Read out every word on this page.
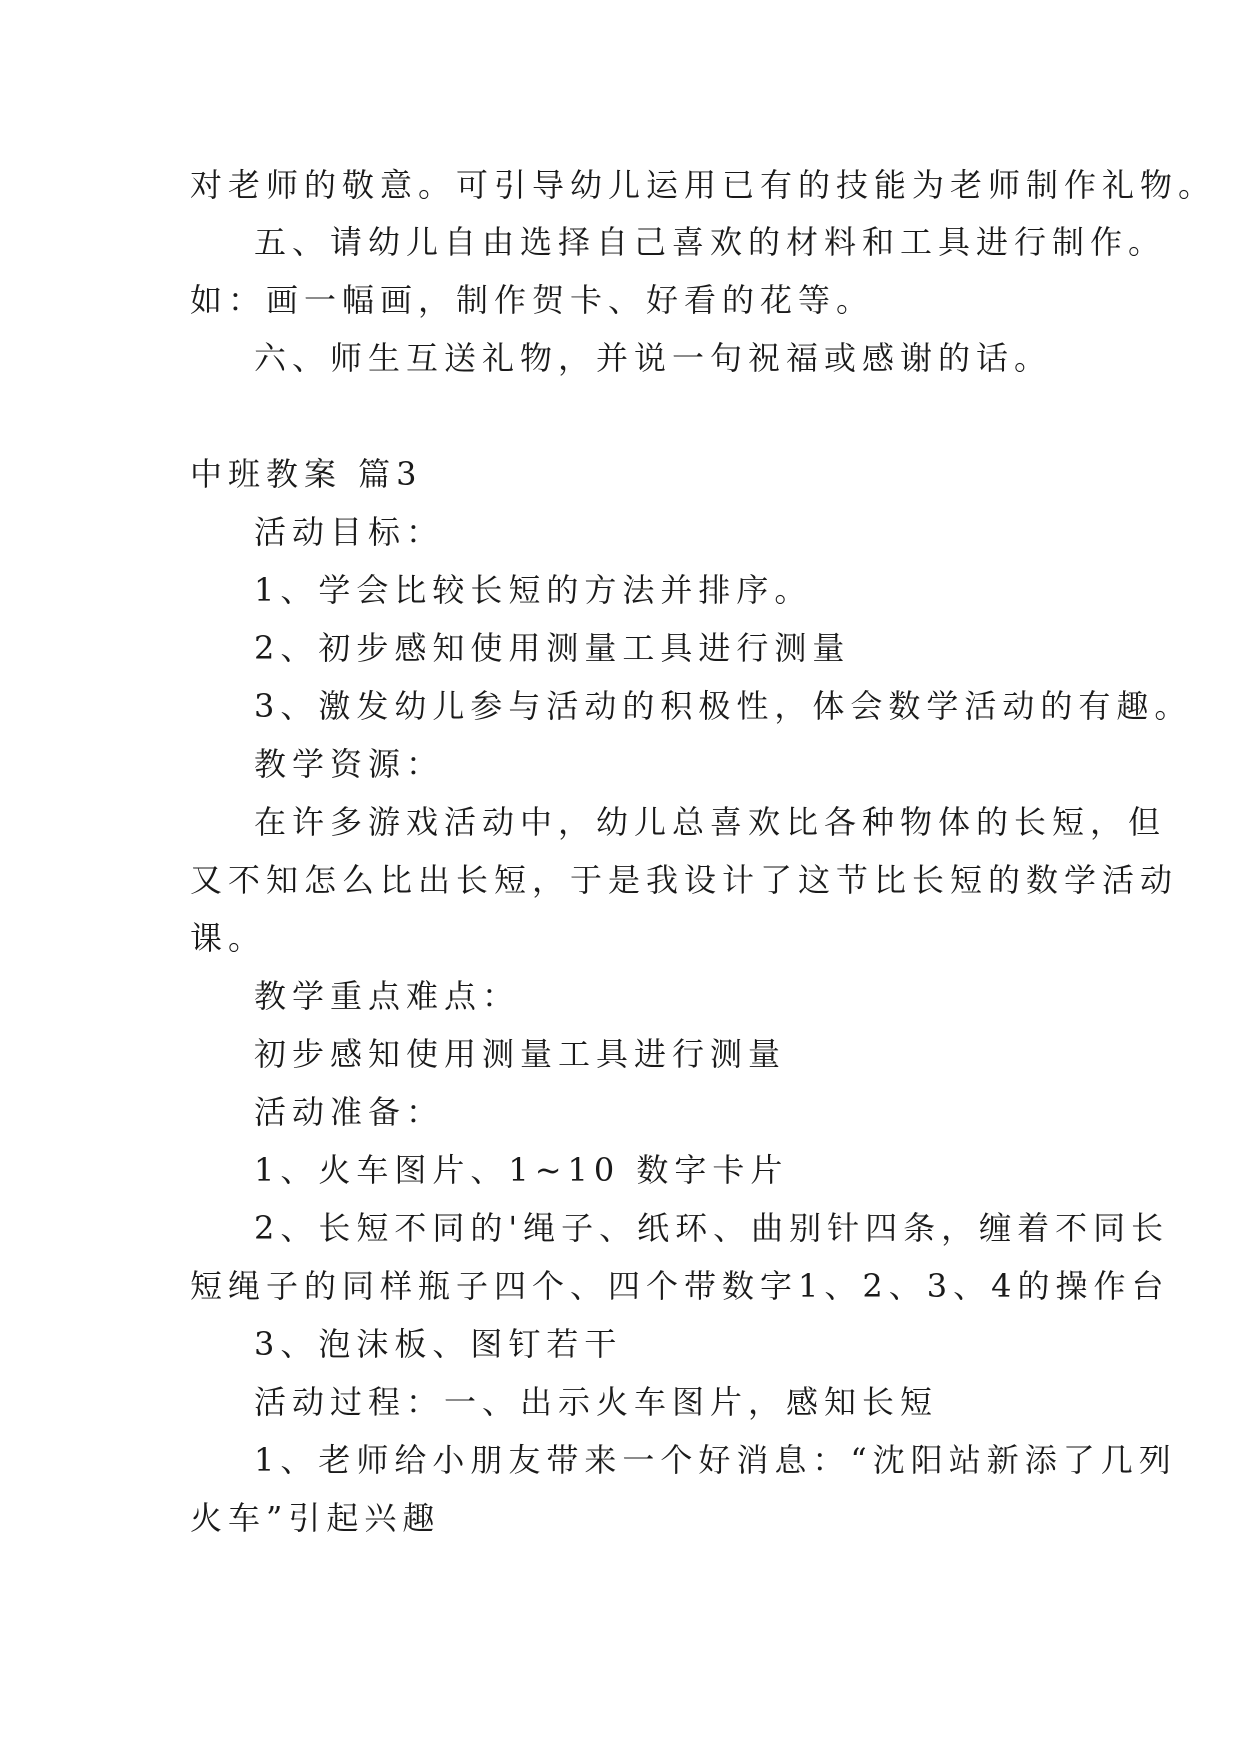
对老师的敬意。可引导幼儿运用已有的技能为老师制作礼物。
五、请幼儿自由选择自己喜欢的材料和工具进行制作。
如：画一幅画，制作贺卡、好看的花等。
六、师生互送礼物，并说一句祝福或感谢的话。
中班教案 篇3
活动目标：
1、学会比较长短的方法并排序。
2、初步感知使用测量工具进行测量
3、激发幼儿参与活动的积极性，体会数学活动的有趣。
教学资源：
在许多游戏活动中，幼儿总喜欢比各种物体的长短，但
又不知怎么比出长短，于是我设计了这节比长短的数学活动
课。
教学重点难点：
初步感知使用测量工具进行测量
活动准备：
1、火车图片、1~10 数字卡片
2、长短不同的'绳子、纸环、曲别针四条，缠着不同长
短绳子的同样瓶子四个、四个带数字1、2、3、4的操作台
3、泡沫板、图钉若干
活动过程：一、出示火车图片，感知长短
1、老师给小朋友带来一个好消息：“沈阳站新添了几列
火车”引起兴趣
